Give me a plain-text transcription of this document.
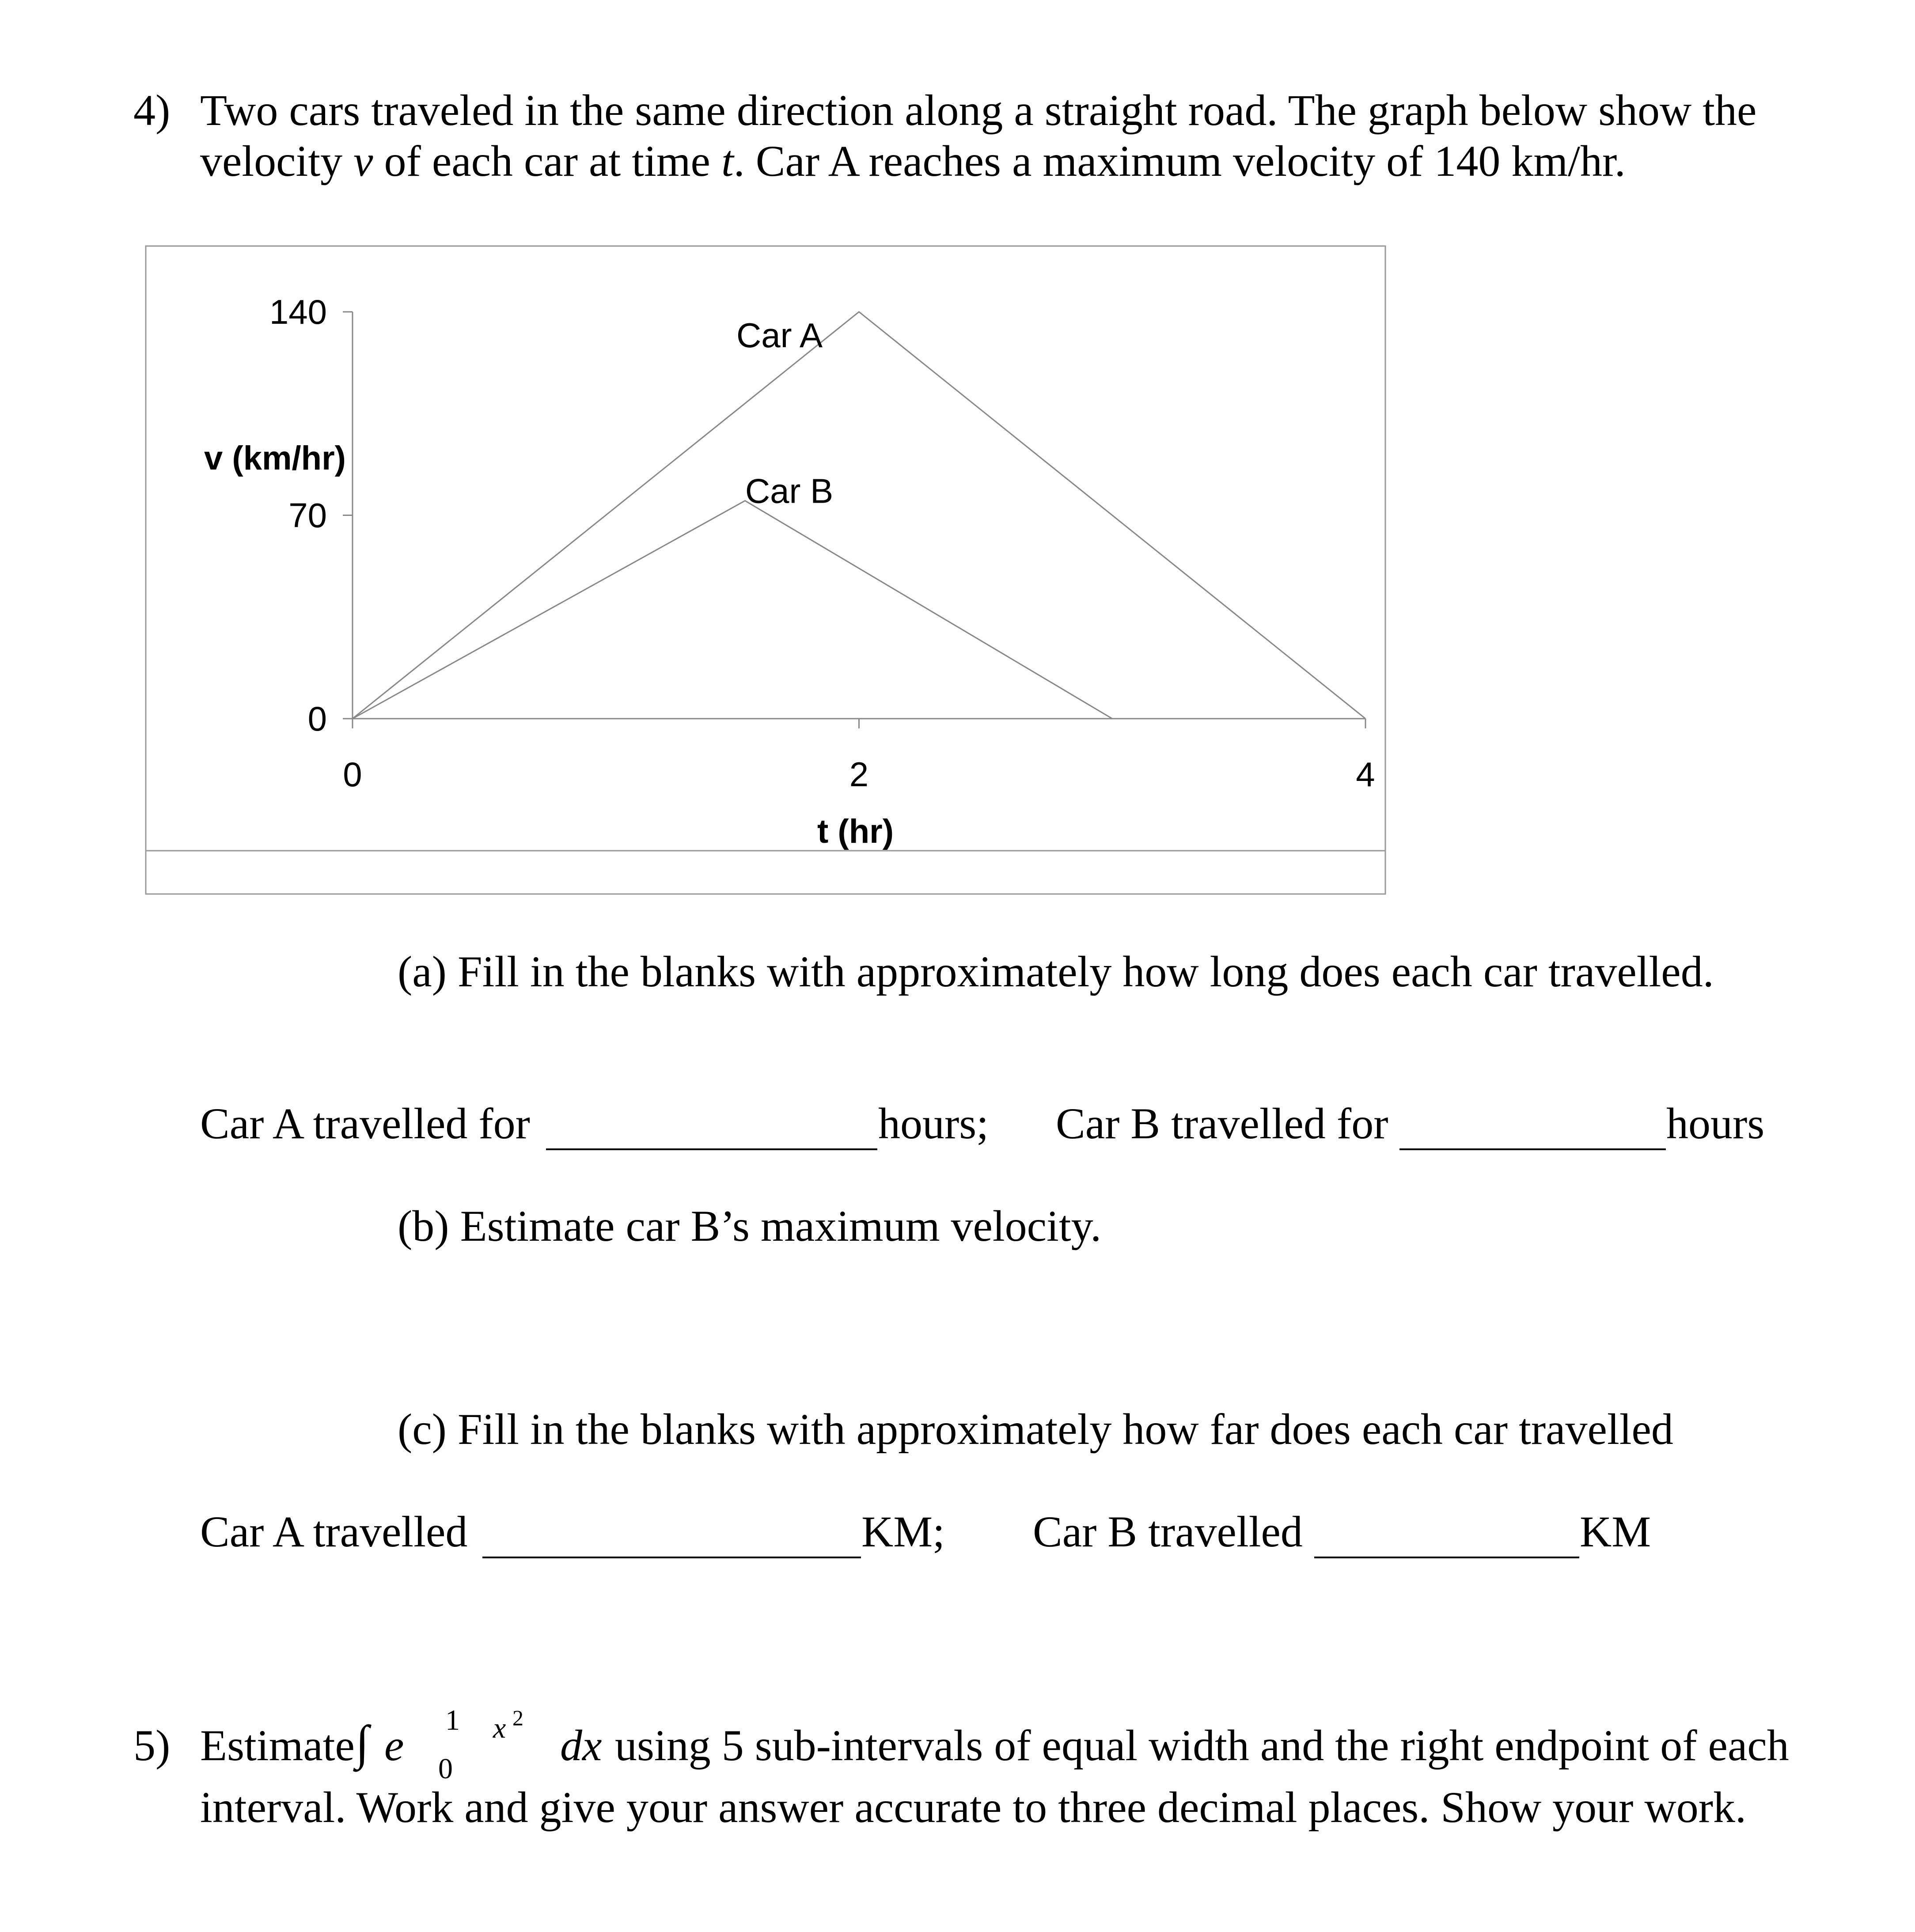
4) Two cars traveled in the same direction along a straight road. The graph below show the
velocity v of each car at time t. Car A reaches a maximum velocity of 140 km/hr.
0
70
140
0	2	4
Car A
Car B
v (km/hr)
t (hr)
(a) Fill in the blanks with approximately how long does each car travelled.
Car A travelled for	hours; Car B travelled for	hours
(b) Estimate car B’s maximum velocity.
(c) Fill in the blanks with approximately how far does each car travelled
Car A travelled	KM; Car B travelled	KM
5) Estimate ∫ e
1
0
x 2
dx using 5 sub-intervals of equal width and the right endpoint of each
interval. Work and give your answer accurate to three decimal places. Show your work.
